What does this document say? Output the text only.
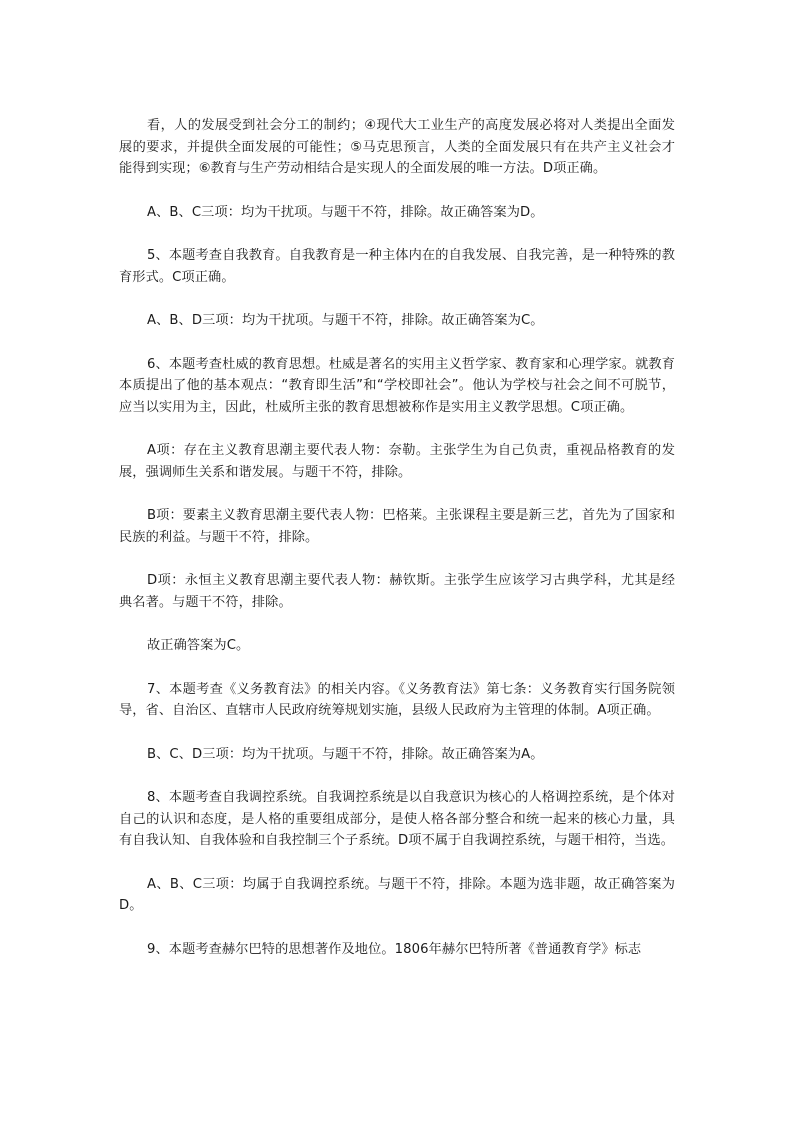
看，人的发展受到社会分工的制约；④现代大工业生产的高度发展必将对人类提出全面发展的要求，并提供全面发展的可能性；⑤马克思预言，人类的全面发展只有在共产主义社会才能得到实现；⑥教育与生产劳动相结合是实现人的全面发展的唯一方法。D项正确。

A、B、C三项：均为干扰项。与题干不符，排除。故正确答案为D。

5、本题考查自我教育。自我教育是一种主体内在的自我发展、自我完善，是一种特殊的教育形式。C项正确。

A、B、D三项：均为干扰项。与题干不符，排除。故正确答案为C。

6、本题考查杜威的教育思想。杜威是著名的实用主义哲学家、教育家和心理学家。就教育本质提出了他的基本观点：“教育即生活”和“学校即社会”。他认为学校与社会之间不可脱节，应当以实用为主，因此，杜威所主张的教育思想被称作是实用主义教学思想。C项正确。

A项：存在主义教育思潮主要代表人物：奈勒。主张学生为自己负责，重视品格教育的发展，强调师生关系和谐发展。与题干不符，排除。

B项：要素主义教育思潮主要代表人物：巴格莱。主张课程主要是新三艺，首先为了国家和民族的利益。与题干不符，排除。

D项：永恒主义教育思潮主要代表人物：赫钦斯。主张学生应该学习古典学科，尤其是经典名著。与题干不符，排除。

故正确答案为C。

7、本题考查《义务教育法》的相关内容。《义务教育法》第七条：义务教育实行国务院领导，省、自治区、直辖市人民政府统筹规划实施，县级人民政府为主管理的体制。A项正确。

B、C、D三项：均为干扰项。与题干不符，排除。故正确答案为A。

8、本题考查自我调控系统。自我调控系统是以自我意识为核心的人格调控系统，是个体对自己的认识和态度，是人格的重要组成部分，是使人格各部分整合和统一起来的核心力量，具有自我认知、自我体验和自我控制三个子系统。D项不属于自我调控系统，与题干相符，当选。

A、B、C三项：均属于自我调控系统。与题干不符，排除。本题为选非题，故正确答案为D。

9、本题考查赫尔巴特的思想著作及地位。1806年赫尔巴特所著《普通教育学》标志
